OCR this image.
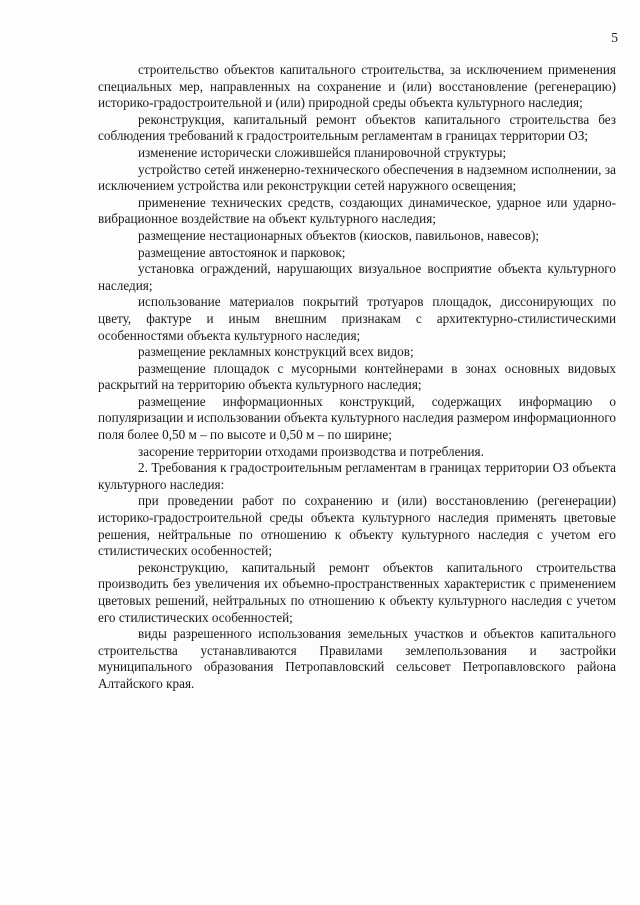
5

строительство объектов капитального строительства, за исключением применения специальных мер, направленных на сохранение и (или) восстановление (регенерацию) историко-градостроительной и (или) природной среды объекта культурного наследия;

реконструкция, капитальный ремонт объектов капитального строительства без соблюдения требований к градостроительным регламентам в границах территории ОЗ;

изменение исторически сложившейся планировочной структуры;

устройство сетей инженерно-технического обеспечения в надземном исполнении, за исключением устройства или реконструкции сетей наружного освещения;

применение технических средств, создающих динамическое, ударное или ударно-вибрационное воздействие на объект культурного наследия;

размещение нестационарных объектов (киосков, павильонов, навесов);

размещение автостоянок и парковок;

установка ограждений, нарушающих визуальное восприятие объекта культурного наследия;

использование материалов покрытий тротуаров площадок, диссонирующих по цвету, фактуре и иным внешним признакам с архитектурно-стилистическими особенностями объекта культурного наследия;

размещение рекламных конструкций всех видов;

размещение площадок с мусорными контейнерами в зонах основных видовых раскрытий на территорию объекта культурного наследия;

размещение информационных конструкций, содержащих информацию о популяризации и использовании объекта культурного наследия размером информационного поля более 0,50 м – по высоте и 0,50 м – по ширине;

засорение территории отходами производства и потребления.

2. Требования к градостроительным регламентам в границах территории ОЗ объекта культурного наследия:

при проведении работ по сохранению и (или) восстановлению (регенерации) историко-градостроительной среды объекта культурного наследия применять цветовые решения, нейтральные по отношению к объекту культурного наследия с учетом его стилистических особенностей;

реконструкцию, капитальный ремонт объектов капитального строительства производить без увеличения их объемно-пространственных характеристик с применением цветовых решений, нейтральных по отношению к объекту культурного наследия с учетом его стилистических особенностей;

виды разрешенного использования земельных участков и объектов капитального строительства устанавливаются Правилами землепользования и застройки муниципального образования Петропавловский сельсовет Петропавловского района Алтайского края.
